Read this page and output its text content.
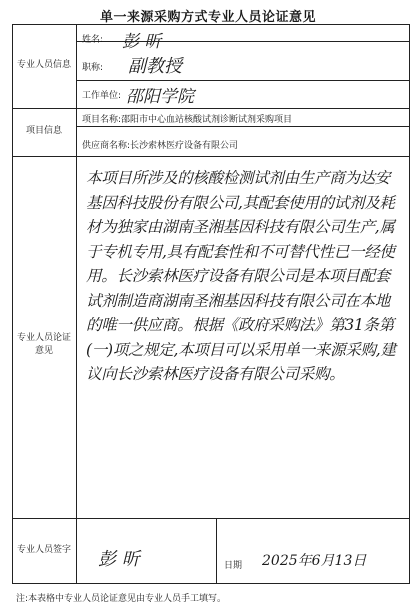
单一来源采购方式专业人员论证意见
专业人员信息
项目信息
专业人员论证
意见
专业人员签字
姓名: 彭 昕
职称: 副教授
工作单位: 邵阳学院
项目名称:邵阳市中心血站核酸试剂诊断试剂采购项目
供应商名称:长沙索林医疗设备有限公司
本项目所涉及的核酸检测试剂由生产商为达安基因科技股份有限公司,其配套使用的试剂及耗材为独家由湖南圣湘基因科技有限公司生产,属于专机专用,具有配套性和不可替代性已一经使用。长沙索林医疗设备有限公司是本项目配套试剂制造商湖南圣湘基因科技有限公司在本地的唯一供应商。根据《政府采购法》第31条第(一)项之规定,本项目可以采用单一来源采购,建议向长沙索林医疗设备有限公司采购。
彭 昕	日期 2025年6月13日
注:本表格中专业人员论证意见由专业人员手工填写。
